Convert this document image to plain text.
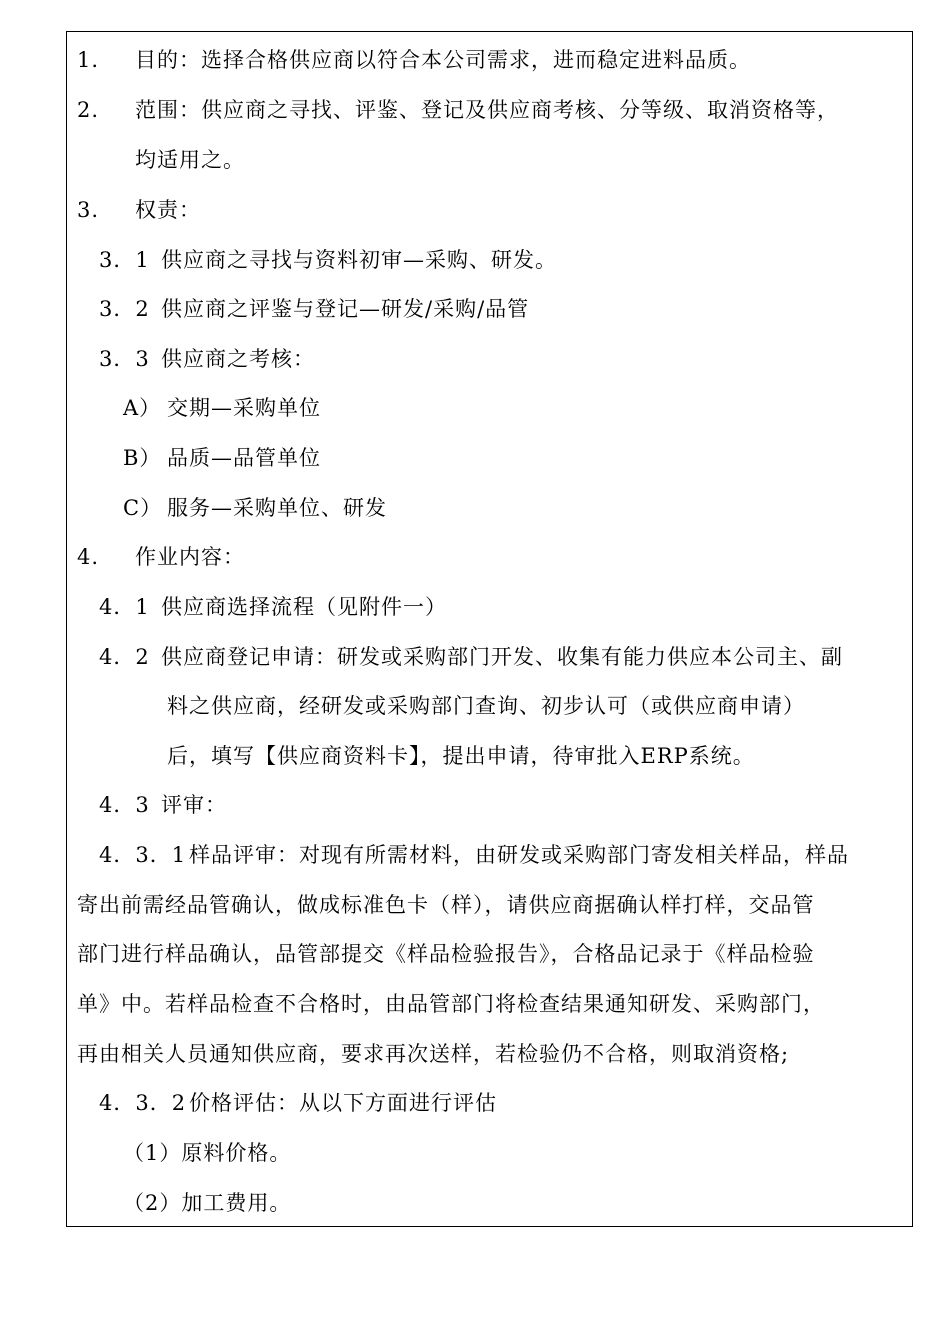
1. 目的：选择合格供应商以符合本公司需求，进而稳定进料品质。
2. 范围：供应商之寻找、评鉴、登记及供应商考核、分等级、取消资格等，
均适用之。
3. 权责：
3．1 供应商之寻找与资料初审—采购、研发。
3．2 供应商之评鉴与登记—研发/采购/品管
3．3 供应商之考核：
A） 交期—采购单位
B） 品质—品管单位
C） 服务—采购单位、研发
4. 作业内容：
4．1 供应商选择流程（见附件一）
4．2 供应商登记申请：研发或采购部门开发、收集有能力供应本公司主、副
料之供应商，经研发或采购部门查询、初步认可（或供应商申请）
后，填写【供应商资料卡】，提出申请，待审批入ERP系统。
4．3 评审：
4．3．1 样品评审：对现有所需材料，由研发或采购部门寄发相关样品，样品
寄出前需经品管确认，做成标准色卡（样），请供应商据确认样打样，交品管
部门进行样品确认，品管部提交《样品检验报告》，合格品记录于《样品检验
单》中。若样品检查不合格时，由品管部门将检查结果通知研发、采购部门，
再由相关人员通知供应商，要求再次送样，若检验仍不合格，则取消资格;
4．3．2 价格评估：从以下方面进行评估
（1）原料价格。
（2）加工费用。
